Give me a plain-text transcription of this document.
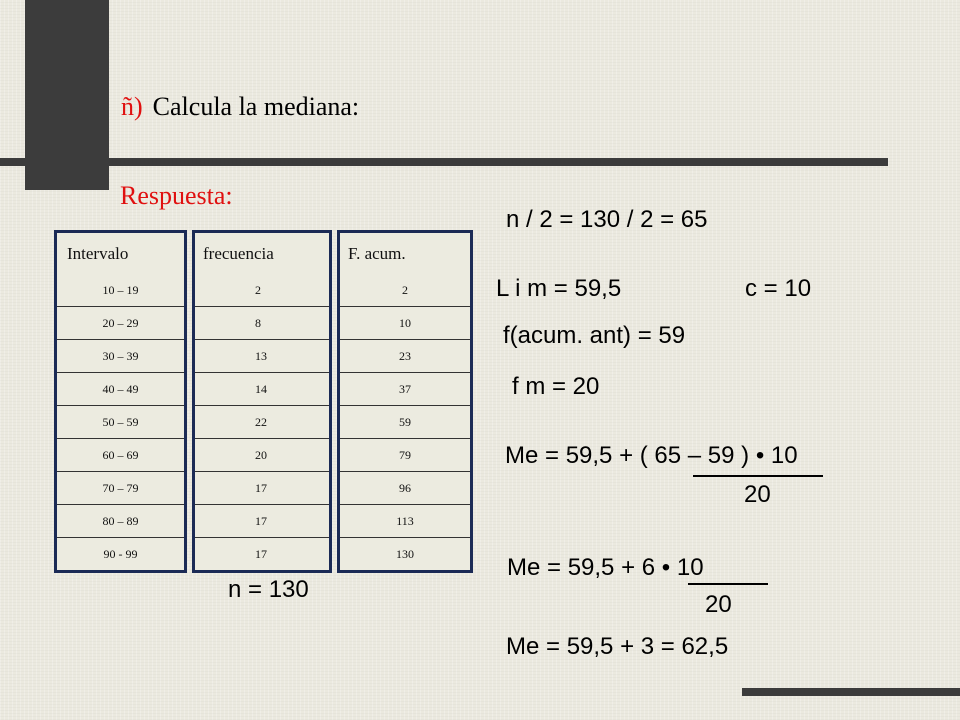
ñ) Calcula la mediana:
Respuesta:
Intervalo
10 – 19
20 – 29
30 – 39
40 – 49
50 – 59
60 – 69
70 – 79
80 – 89
90 - 99
frecuencia
2
8
13
14
22
20
17
17
17
F. acum.
2
10
23
37
59
79
96
113
130
n = 130
n / 2 = 130 / 2 = 65
L i m = 59,5	c = 10
f(acum. ant) = 59
f m = 20
Me = 59,5 + ( 65 – 59 ) • 10
20
Me = 59,5 + 6 • 10
20
Me = 59,5 + 3 = 62,5
